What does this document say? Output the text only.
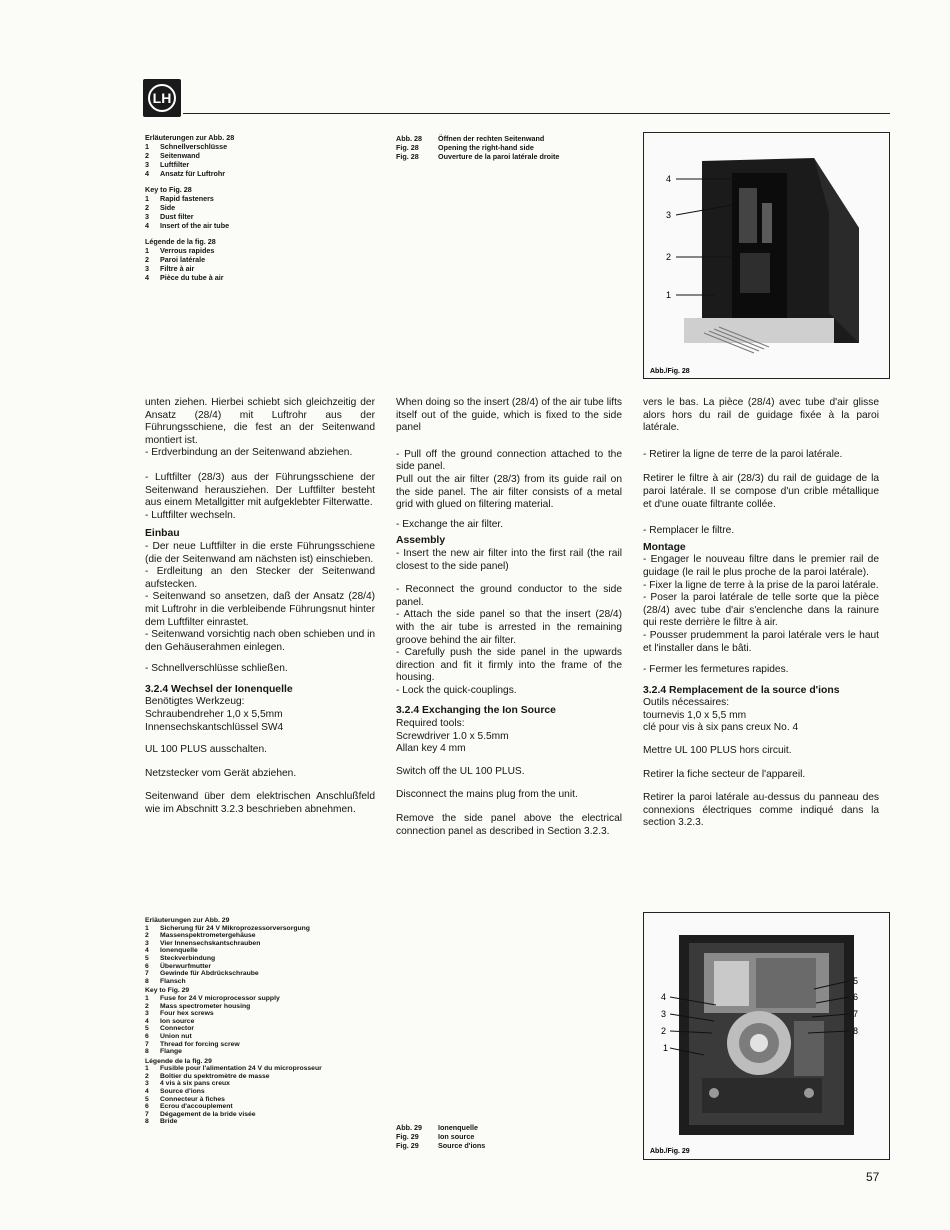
LH
Erläuterungen zur Abb. 28
1	Schnellverschlüsse
2	Seitenwand
3	Luftfilter
4	Ansatz für Luftrohr
Key to Fig. 28
1	Rapid fasteners
2	Side
3	Dust filter
4	Insert of the air tube
Légende de la fig. 28
1	Verrous rapides
2	Paroi latérale
3	Filtre à air
4	Pièce du tube à air
Abb. 28	Öffnen der rechten Seitenwand
Fig. 28	Opening the right-hand side
Fig. 28	Ouverture de la paroi latérale droite
4
3
2
1
Abb./Fig. 28

unten ziehen. Hierbei schiebt sich gleichzeitig der Ansatz (28/4) mit Luftrohr aus der Führungsschiene, die fest an der Seitenwand montiert ist.

- Erdverbindung an der Seitenwand abziehen.

- Luftfilter (28/3) aus der Führungsschiene der Seitenwand herausziehen. Der Luftfilter besteht aus einem Metallgitter mit aufgeklebter Filterwatte.

- Luftfilter wechseln.

Einbau

- Der neue Luftfilter in die erste Führungsschiene (die der Seitenwand am nächsten ist) einschieben.

- Erdleitung an den Stecker der Seitenwand aufstecken.

- Seitenwand so ansetzen, daß der Ansatz (28/4) mit Luftrohr in die verbleibende Führungsnut hinter dem Luftfilter einrastet.

- Seitenwand vorsichtig nach oben schieben und in den Gehäuserahmen einlegen.

- Schnellverschlüsse schließen.

3.2.4 Wechsel der Ionenquelle
Benötigtes Werkzeug:
Schraubendreher 1,0 x 5,5mm
Innensechskantschlüssel SW4

UL 100 PLUS ausschalten.

Netzstecker vom Gerät abziehen.

Seitenwand über dem elektrischen Anschlußfeld wie im Abschnitt 3.2.3 beschrieben abnehmen.

When doing so the insert (28/4) of the air tube lifts itself out of the guide, which is fixed to the side panel

- Pull off the ground connection attached to the side panel.

Pull out the air filter (28/3) from its guide rail on the side panel. The air filter consists of a metal grid with glued on filtering material.

- Exchange the air filter.

Assembly

- Insert the new air filter into the first rail (the rail closest to the side panel)

- Reconnect the ground conductor to the side panel.

- Attach the side panel so that the insert (28/4) with the air tube is arrested in the remaining groove behind the air filter.

- Carefully push the side panel in the upwards direction and fit it firmly into the frame of the housing.

- Lock the quick-couplings.

3.2.4 Exchanging the Ion Source
Required tools:
Screwdriver 1.0 x 5.5mm
Allan key 4 mm

Switch off the UL 100 PLUS.

Disconnect the mains plug from the unit.

Remove the side panel above the electrical connection panel as described in Section 3.2.3.

vers le bas. La pièce (28/4) avec tube d'air glisse alors hors du rail de guidage fixée à la paroi latérale.

- Retirer la ligne de terre de la paroi latérale.

Retirer le filtre à air (28/3) du rail de guidage de la paroi latérale. Il se compose d'un crible métallique et d'une ouate filtrante collée.

- Remplacer le filtre.

Montage

- Engager le nouveau filtre dans le premier rail de guidage (le rail le plus proche de la paroi latérale).

- Fixer la ligne de terre à la prise de la paroi latérale.

- Poser la paroi latérale de telle sorte que la pièce (28/4) avec tube d'air s'enclenche dans la rainure qui reste derrière le filtre à air.

- Pousser prudemment la paroi latérale vers le haut et l'installer dans le bâti.

- Fermer les fermetures rapides.

3.2.4 Remplacement de la source d'ions
Outils nécessaires:
tournevis 1,0 x 5,5 mm
clé pour vis à six pans creux No. 4

Mettre UL 100 PLUS hors circuit.

Retirer la fiche secteur de l'appareil.

Retirer la paroi latérale au-dessus du panneau des connexions électriques comme indiqué dans la section 3.2.3.

Erläuterungen zur Abb. 29
1	Sicherung für 24 V Mikroprozessorversorgung
2	Massenspektrometergehäuse
3	Vier Innensechskantschrauben
4	Ionenquelle
5	Steckverbindung
6	Überwurfmutter
7	Gewinde für Abdrückschraube
8	Flansch
Key to Fig. 29
1	Fuse for 24 V microprocessor supply
2	Mass spectrometer housing
3	Four hex screws
4	Ion source
5	Connector
6	Union nut
7	Thread for forcing screw
8	Flange
Légende de la fig. 29
1	Fusible pour l'alimentation 24 V du microprosseur
2	Boîtier du spektromètre de masse
3	4 vis à six pans creux
4	Source d'ions
5	Connecteur à fiches
6	Ecrou d'accouplement
7	Dégagement de la bride visée
8	Bride
Abb. 29	Ionenquelle
Fig. 29	Ion source
Fig. 29	Source d'ions
4
3
2
1
5
6
7
8
Abb./Fig. 29
57
